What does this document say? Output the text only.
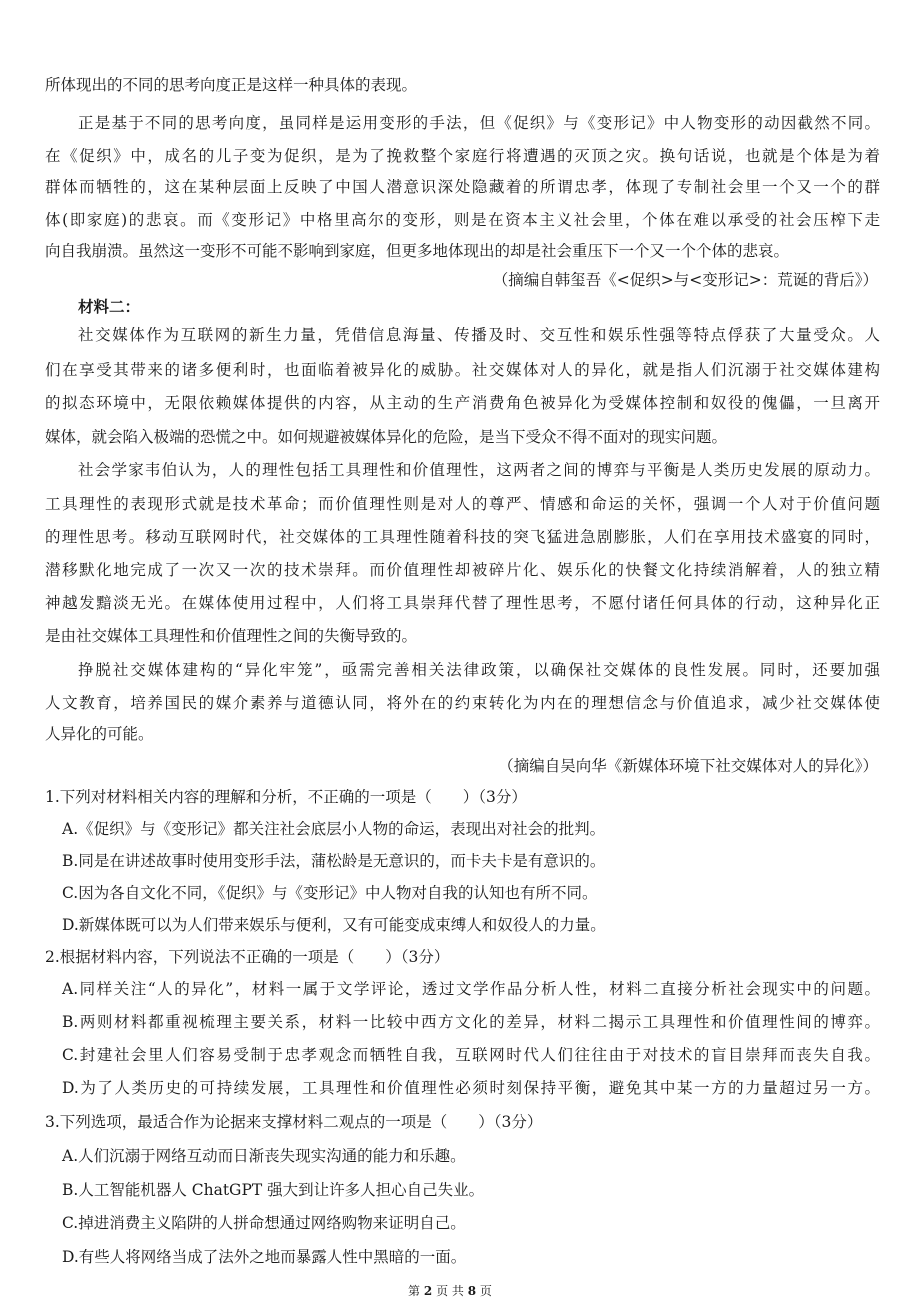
所体现出的不同的思考向度正是这样一种具体的表现。
正是基于不同的思考向度，虽同样是运用变形的手法，但《促织》与《变形记》中人物变形的动因截然不同。
在《促织》中，成名的儿子变为促织，是为了挽救整个家庭行将遭遇的灭顶之灾。换句话说，也就是个体是为着
群体而牺牲的，这在某种层面上反映了中国人潜意识深处隐藏着的所谓忠孝，体现了专制社会里一个又一个的群
体(即家庭)的悲哀。而《变形记》中格里高尔的变形，则是在资本主义社会里，个体在难以承受的社会压榨下走
向自我崩溃。虽然这一变形不可能不影响到家庭，但更多地体现出的却是社会重压下一个又一个个体的悲哀。
（摘编自韩玺吾《<促织>与<变形记>：荒诞的背后》）
材料二：
社交媒体作为互联网的新生力量，凭借信息海量、传播及时、交互性和娱乐性强等特点俘获了大量受众。人
们在享受其带来的诸多便利时，也面临着被异化的威胁。社交媒体对人的异化，就是指人们沉溺于社交媒体建构
的拟态环境中，无限依赖媒体提供的内容，从主动的生产消费角色被异化为受媒体控制和奴役的傀儡，一旦离开
媒体，就会陷入极端的恐慌之中。如何规避被媒体异化的危险，是当下受众不得不面对的现实问题。
社会学家韦伯认为，人的理性包括工具理性和价值理性，这两者之间的博弈与平衡是人类历史发展的原动力。
工具理性的表现形式就是技术革命；而价值理性则是对人的尊严、情感和命运的关怀，强调一个人对于价值问题
的理性思考。移动互联网时代，社交媒体的工具理性随着科技的突飞猛进急剧膨胀，人们在享用技术盛宴的同时，
潜移默化地完成了一次又一次的技术崇拜。而价值理性却被碎片化、娱乐化的快餐文化持续消解着，人的独立精
神越发黯淡无光。在媒体使用过程中，人们将工具崇拜代替了理性思考，不愿付诸任何具体的行动，这种异化正
是由社交媒体工具理性和价值理性之间的失衡导致的。
挣脱社交媒体建构的“异化牢笼”，亟需完善相关法律政策，以确保社交媒体的良性发展。同时，还要加强
人文教育，培养国民的媒介素养与道德认同，将外在的约束转化为内在的理想信念与价值追求，减少社交媒体使
人异化的可能。
（摘编自吴向华《新媒体环境下社交媒体对人的异化》）
1.下列对材料相关内容的理解和分析，不正确的一项是（　　）（3分）
A.《促织》与《变形记》都关注社会底层小人物的命运，表现出对社会的批判。
B.同是在讲述故事时使用变形手法，蒲松龄是无意识的，而卡夫卡是有意识的。
C.因为各自文化不同，《促织》与《变形记》中人物对自我的认知也有所不同。
D.新媒体既可以为人们带来娱乐与便利，又有可能变成束缚人和奴役人的力量。
2.根据材料内容，下列说法不正确的一项是（　　）（3分）
A.同样关注“人的异化”，材料一属于文学评论，透过文学作品分析人性，材料二直接分析社会现实中的问题。
B.两则材料都重视梳理主要关系，材料一比较中西方文化的差异，材料二揭示工具理性和价值理性间的博弈。
C.封建社会里人们容易受制于忠孝观念而牺牲自我，互联网时代人们往往由于对技术的盲目崇拜而丧失自我。
D.为了人类历史的可持续发展，工具理性和价值理性必须时刻保持平衡，避免其中某一方的力量超过另一方。
3.下列选项，最适合作为论据来支撑材料二观点的一项是（　　）（3分）
A.人们沉溺于网络互动而日渐丧失现实沟通的能力和乐趣。
B.人工智能机器人 ChatGPT 强大到让许多人担心自己失业。
C.掉进消费主义陷阱的人拼命想通过网络购物来证明自己。
D.有些人将网络当成了法外之地而暴露人性中黑暗的一面。
第 2 页 共 8 页
